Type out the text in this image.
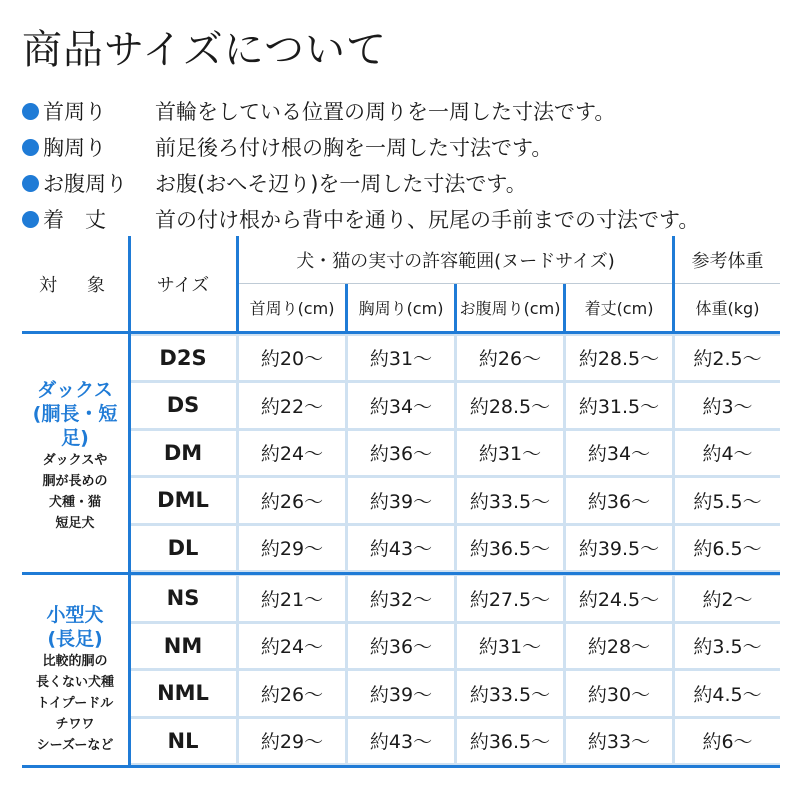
商品サイズについて
首周り	首輪をしている位置の周りを一周した寸法です。
胸周り	前足後ろ付け根の胸を一周した寸法です。
お腹周り	お腹(おへそ辺り)を一周した寸法です。
着　丈	首の付け根から背中を通り、尻尾の手前までの寸法です。
対　象	サイズ
犬・猫の実寸の許容範囲(ヌードサイズ)	参考体重
首周り(cm)	胸周り(cm)	お腹周り(cm)	着丈(cm)	体重(kg)
ダックス
(胴長・短足)
ダックスや
胴が長めの
犬種・猫
短足犬
D2S	約20〜	約31〜	約26〜	約28.5〜	約2.5〜
DS	約22〜	約34〜	約28.5〜	約31.5〜	約3〜
DM	約24〜	約36〜	約31〜	約34〜	約4〜
DML	約26〜	約39〜	約33.5〜	約36〜	約5.5〜
DL	約29〜	約43〜	約36.5〜	約39.5〜	約6.5〜
小型犬
(長足)
比較的胴の
長くない犬種
トイプードル
チワワ
シーズーなど
NS	約21〜	約32〜	約27.5〜	約24.5〜	約2〜
NM	約24〜	約36〜	約31〜	約28〜	約3.5〜
NML	約26〜	約39〜	約33.5〜	約30〜	約4.5〜
NL	約29〜	約43〜	約36.5〜	約33〜	約6〜
